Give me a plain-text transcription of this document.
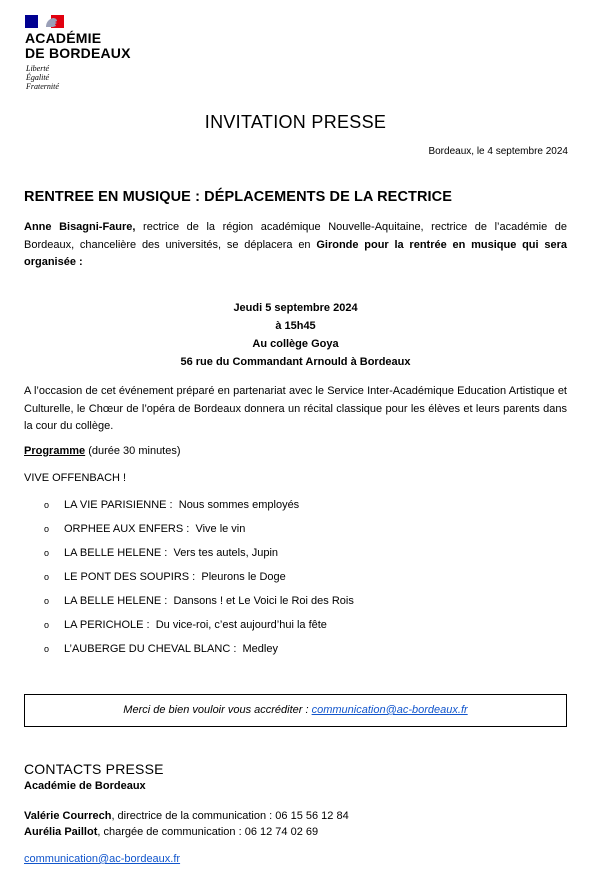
ACADÉMIE
DE BORDEAUX
Liberté
Égalité
Fraternité
INVITATION PRESSE
Bordeaux, le 4 septembre 2024
RENTREE EN MUSIQUE : DÉPLACEMENTS DE LA RECTRICE
Anne Bisagni-Faure, rectrice de la région académique Nouvelle-Aquitaine, rectrice de l’académie de Bordeaux, chancelière des universités, se déplacera en Gironde pour la rentrée en musique qui sera organisée :
Jeudi 5 septembre 2024
à 15h45
Au collège Goya
56 rue du Commandant Arnould à Bordeaux
A l’occasion de cet événement préparé en partenariat avec le Service Inter-Académique Education Artistique et Culturelle, le Chœur de l’opéra de Bordeaux donnera un récital classique pour les élèves et leurs parents dans la cour du collège.
Programme (durée 30 minutes)
VIVE OFFENBACH !
o	LA VIE PARISIENNE :
Nous sommes employés
o	ORPHEE AUX ENFERS :
Vive le vin
o	LA BELLE HELENE :
Vers tes autels, Jupin
o	LE PONT DES SOUPIRS :
Pleurons le Doge
o	LA BELLE HELENE :
Dansons ! et Le Voici le Roi des Rois
o	LA PERICHOLE :
Du vice-roi, c’est aujourd’hui la fête
o	L’AUBERGE DU CHEVAL BLANC :
Medley
Merci de bien vouloir vous accréditer : communication@ac-bordeaux.fr
CONTACTS PRESSE
Académie de Bordeaux
Valérie Courrech, directrice de la communication : 06 15 56 12 84
Aurélia Paillot, chargée de communication : 06 12 74 02 69
communication@ac-bordeaux.fr
